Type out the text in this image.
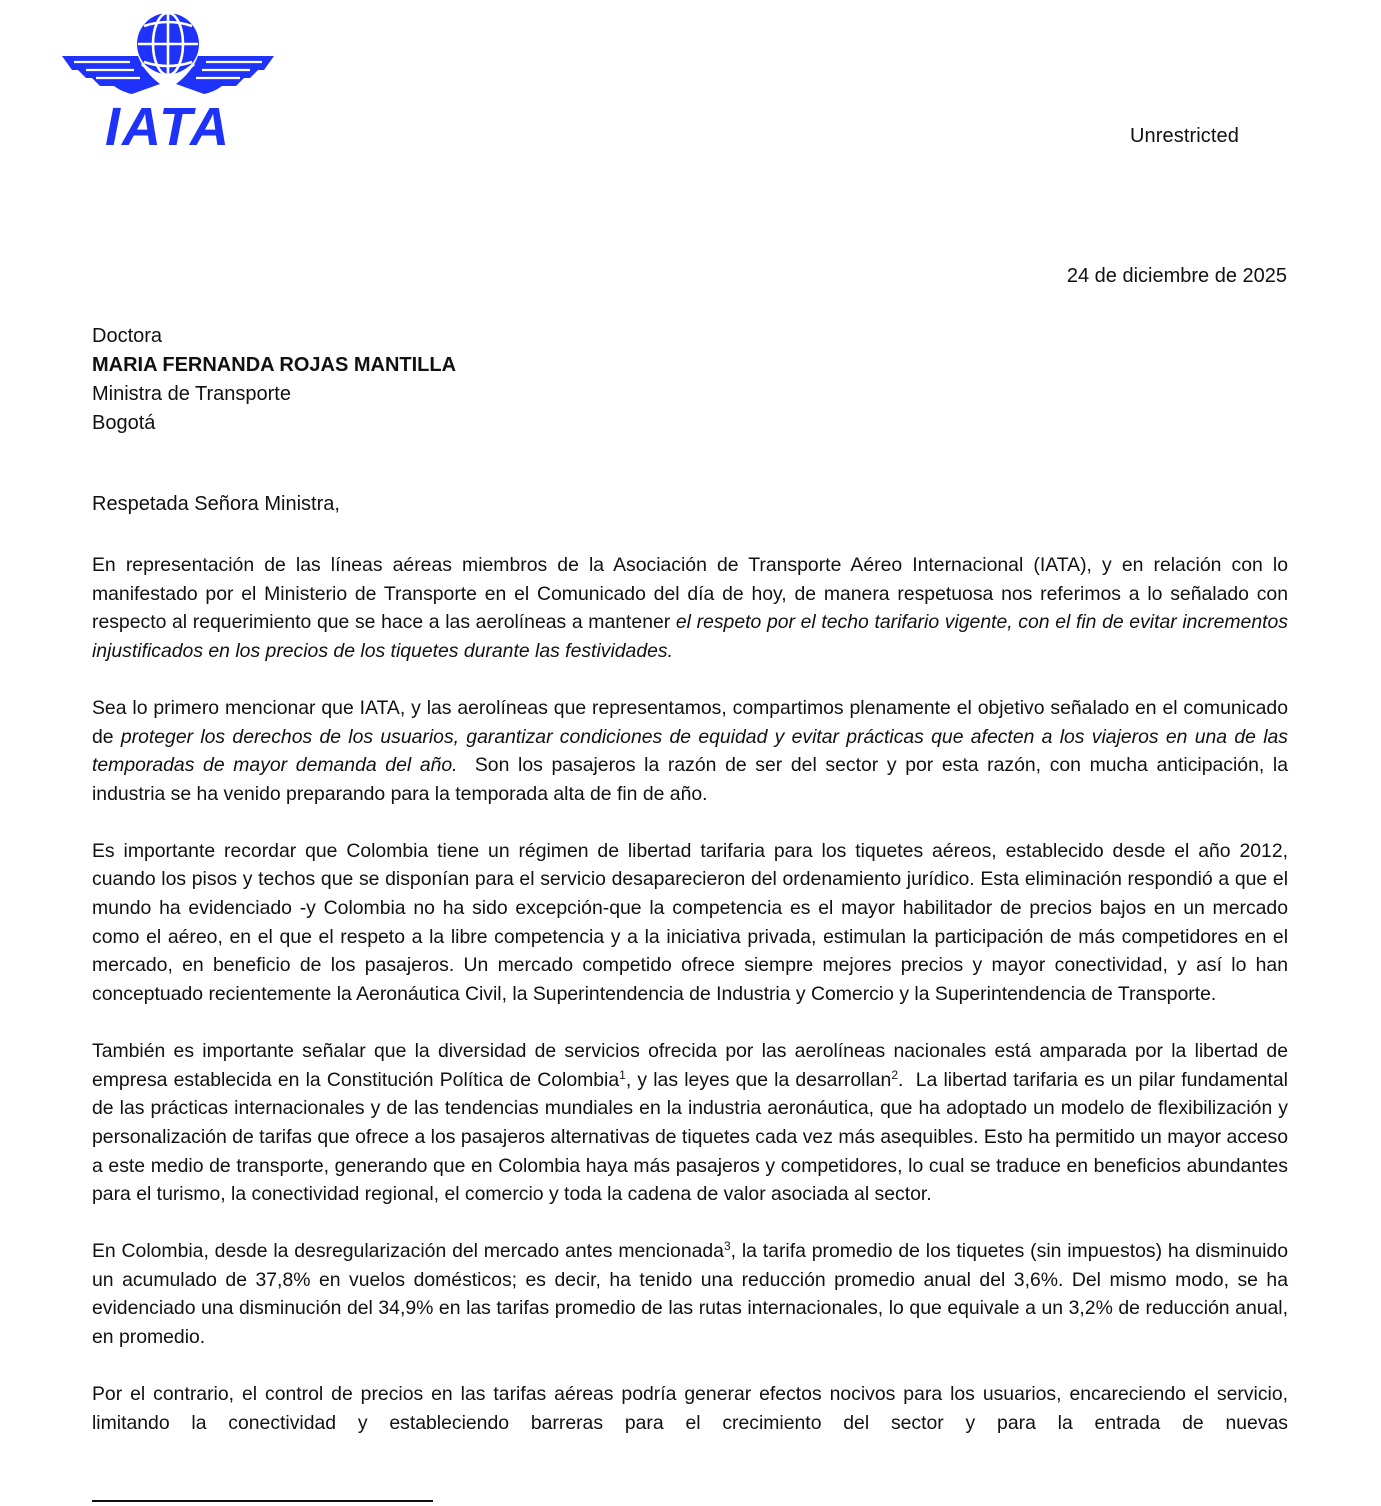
IATA	Unrestricted
24 de diciembre de 2025
Doctora
MARIA FERNANDA ROJAS MANTILLA
Ministra de Transporte
Bogotá
Respetada Señora Ministra,

En representación de las líneas aéreas miembros de la Asociación de Transporte Aéreo Internacional (IATA), y en relación con lo manifestado por el Ministerio de Transporte en el Comunicado del día de hoy, de manera respetuosa nos referimos a lo señalado con respecto al requerimiento que se hace a las aerolíneas a mantener el respeto por el techo tarifario vigente, con el fin de evitar incrementos injustificados en los precios de los tiquetes durante las festividades.

Sea lo primero mencionar que IATA, y las aerolíneas que representamos, compartimos plenamente el objetivo señalado en el comunicado de proteger los derechos de los usuarios, garantizar condiciones de equidad y evitar prácticas que afecten a los viajeros en una de las temporadas de mayor demanda del año.  Son los pasajeros la razón de ser del sector y por esta razón, con mucha anticipación, la industria se ha venido preparando para la temporada alta de fin de año.

Es importante recordar que Colombia tiene un régimen de libertad tarifaria para los tiquetes aéreos, establecido desde el año 2012, cuando los pisos y techos que se disponían para el servicio desaparecieron del ordenamiento jurídico. Esta eliminación respondió a que el mundo ha evidenciado -y Colombia no ha sido excepción-que la competencia es el mayor habilitador de precios bajos en un mercado como el aéreo, en el que el respeto a la libre competencia y a la iniciativa privada, estimulan la participación de más competidores en el mercado, en beneficio de los pasajeros. Un mercado competido ofrece siempre mejores precios y mayor conectividad, y así lo han conceptuado recientemente la Aeronáutica Civil, la Superintendencia de Industria y Comercio y la Superintendencia de Transporte.

También es importante señalar que la diversidad de servicios ofrecida por las aerolíneas nacionales está amparada por la libertad de empresa establecida en la Constitución Política de Colombia$^1$, y las leyes que la desarrollan$^2$.  La libertad tarifaria es un pilar fundamental de las prácticas internacionales y de las tendencias mundiales en la industria aeronáutica, que ha adoptado un modelo de flexibilización y personalización de tarifas que ofrece a los pasajeros alternativas de tiquetes cada vez más asequibles. Esto ha permitido un mayor acceso a este medio de transporte, generando que en Colombia haya más pasajeros y competidores, lo cual se traduce en beneficios abundantes para el turismo, la conectividad regional, el comercio y toda la cadena de valor asociada al sector.

En Colombia, desde la desregularización del mercado antes mencionada$^3$, la tarifa promedio de los tiquetes (sin impuestos) ha disminuido un acumulado de 37,8% en vuelos domésticos; es decir, ha tenido una reducción promedio anual del 3,6%. Del mismo modo, se ha evidenciado una disminución del 34,9% en las tarifas promedio de las rutas internacionales, lo que equivale a un 3,2% de reducción anual, en promedio.

Por el contrario, el control de precios en las tarifas aéreas podría generar efectos nocivos para los usuarios, encareciendo el servicio, limitando la conectividad y estableciendo barreras para el crecimiento del sector y para la entrada de nuevas
